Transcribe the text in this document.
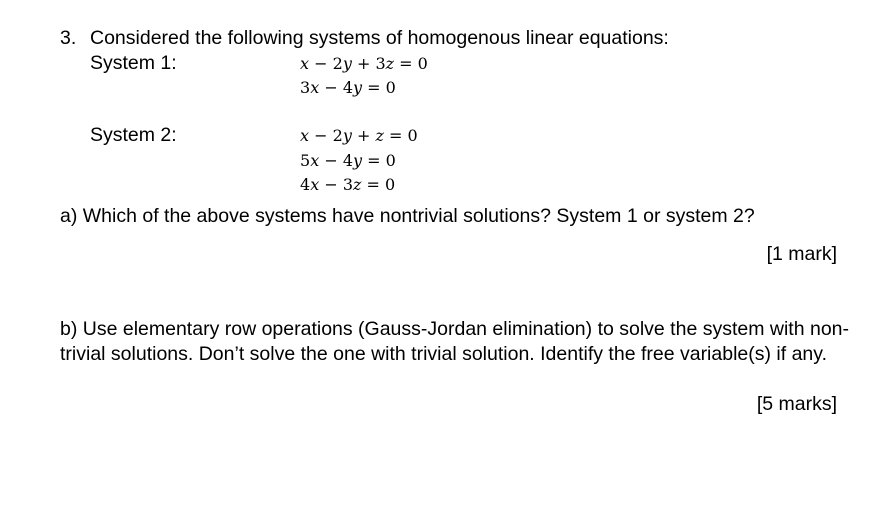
3. Considered the following systems of homogenous linear equations:
System 1:	x − 2y + 3z = 0
3x − 4y = 0
System 2:	x − 2y + z = 0
5x − 4y = 0
4x − 3z = 0
a) Which of the above systems have nontrivial solutions? System 1 or system 2?
[1 mark]
b) Use elementary row operations (Gauss-Jordan elimination) to solve the system with non-trivial solutions. Don’t solve the one with trivial solution. Identify the free variable(s) if any.
[5 marks]
